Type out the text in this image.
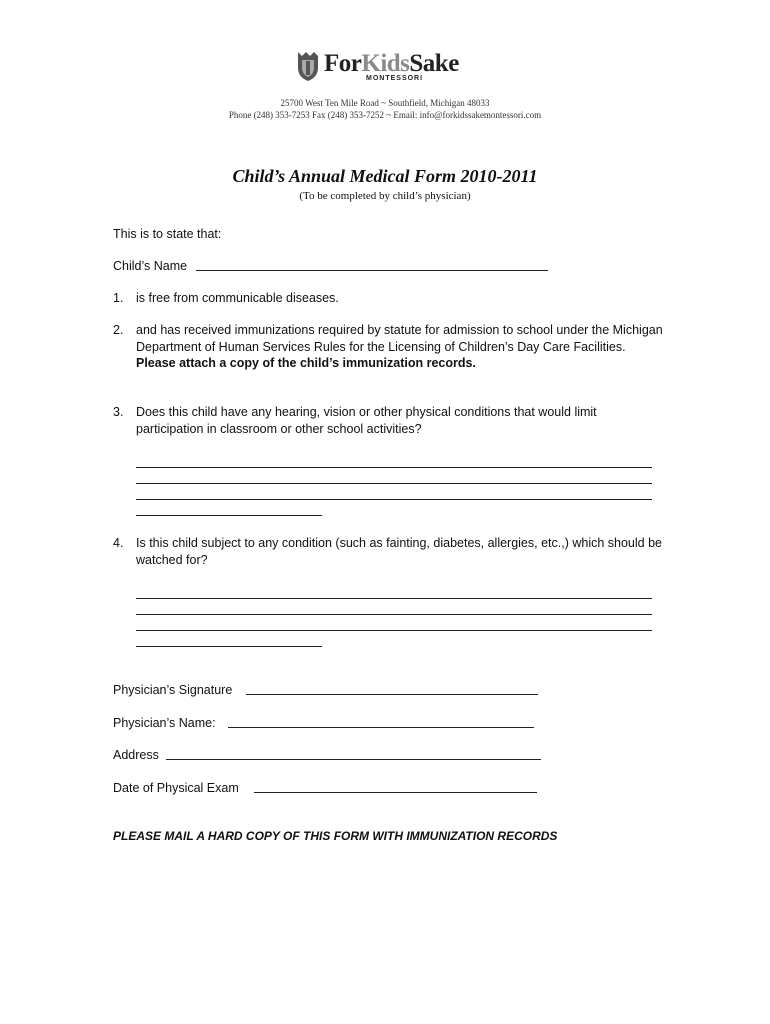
ForKidsSake
MONTESSORI
25700 West Ten Mile Road ~ Southfield, Michigan 48033
Phone (248) 353-7253 Fax (248) 353-7252 ~ Email: info@forkidssakemontessori.com
Child’s Annual Medical Form 2010-2011
(To be completed by child’s physician)
This is to state that:
Child’s Name
1. is free from communicable diseases.
2. and has received immunizations required by statute for admission to school under the Michigan Department of Human Services Rules for the Licensing of Children’s Day Care Facilities. Please attach a copy of the child’s immunization records.
3. Does this child have any hearing, vision or other physical conditions that would limit participation in classroom or other school activities?
4. Is this child subject to any condition (such as fainting, diabetes, allergies, etc.,) which should be watched for?
Physician’s Signature
Physician’s Name:
Address
Date of Physical Exam
PLEASE MAIL A HARD COPY OF THIS FORM WITH IMMUNIZATION RECORDS
